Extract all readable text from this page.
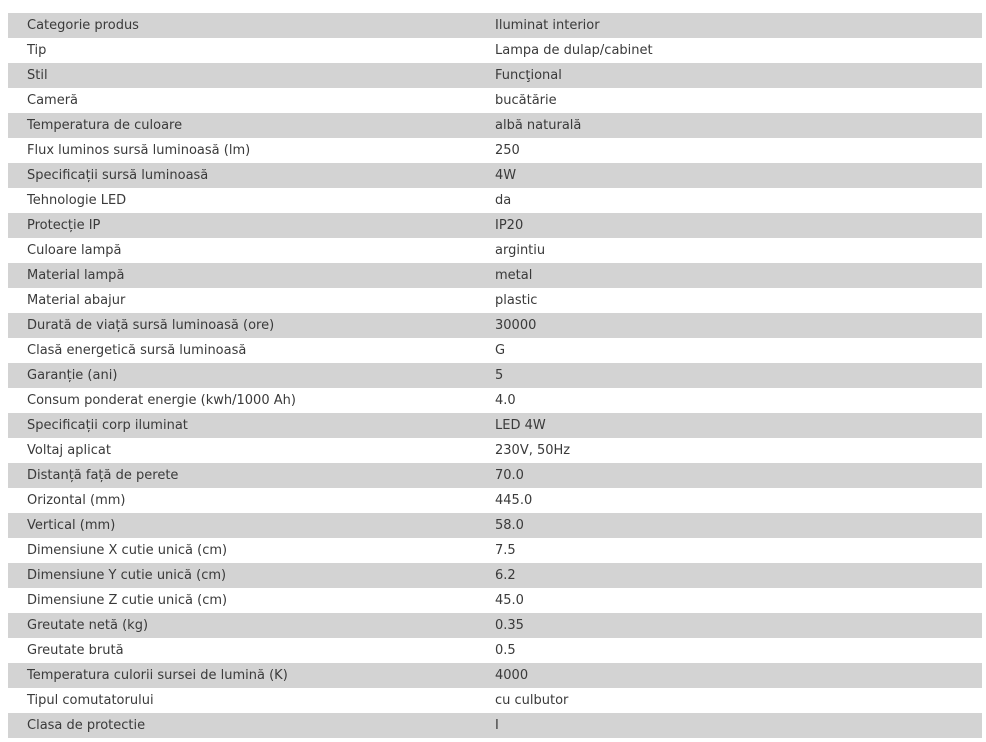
Categorie produs	Iluminat interior
Tip	Lampa de dulap/cabinet
Stil	Funcţional
Cameră	bucătărie
Temperatura de culoare	albă naturală
Flux luminos sursă luminoasă (lm)	250
Specificații sursă luminoasă	4W
Tehnologie LED	da
Protecție IP	IP20
Culoare lampă	argintiu
Material lampă	metal
Material abajur	plastic
Durată de viață sursă luminoasă (ore)	30000
Clasă energetică sursă luminoasă	G
Garanție (ani)	5
Consum ponderat energie (kwh/1000 Ah)	4.0
Specificații corp iluminat	LED 4W
Voltaj aplicat	230V, 50Hz
Distanță față de perete	70.0
Orizontal (mm)	445.0
Vertical (mm)	58.0
Dimensiune X cutie unică (cm)	7.5
Dimensiune Y cutie unică (cm)	6.2
Dimensiune Z cutie unică (cm)	45.0
Greutate netă (kg)	0.35
Greutate brută	0.5
Temperatura culorii sursei de lumină (K)	4000
Tipul comutatorului	cu culbutor
Clasa de protectie	I
